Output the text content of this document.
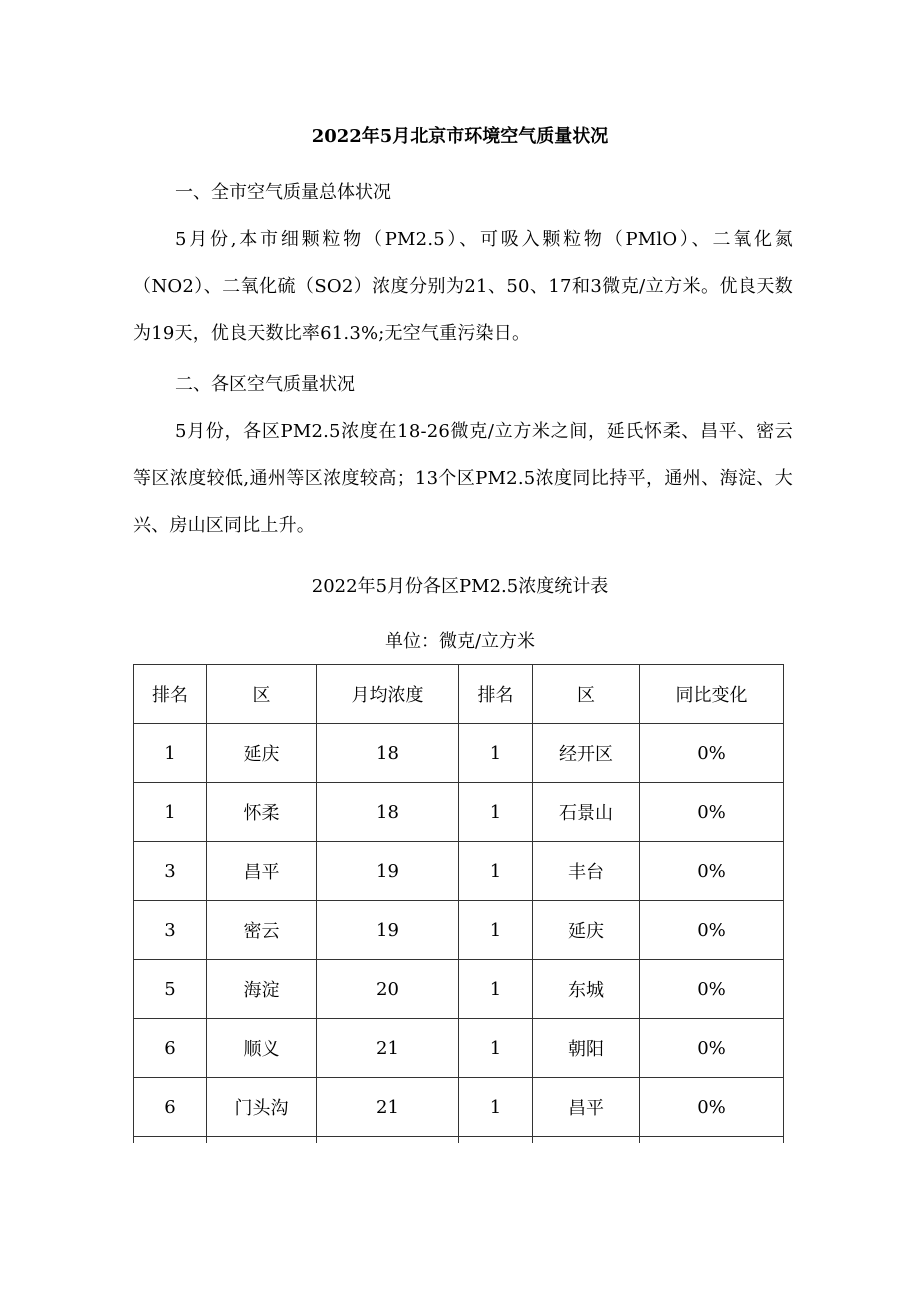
2022年5月北京市环境空气质量状况
一、全市空气质量总体状况

5月份,本市细颗粒物（PM2.5）、可吸入颗粒物（PMlO）、二氧化氮（NO2）、二氧化硫（SO2）浓度分别为21、50、17和3微克/立方米。优良天数为19天，优良天数比率61.3%;无空气重污染日。

二、各区空气质量状况

5月份，各区PM2.5浓度在18-26微克/立方米之间，延氏怀柔、昌平、密云等区浓度较低,通州等区浓度较高；13个区PM2.5浓度同比持平，通州、海淀、大兴、房山区同比上升。

2022年5月份各区PM2.5浓度统计表

单位：微克/立方米

排名	区	月均浓度	排名	区	同比变化
1	延庆	18	1	经开区	0%
1	怀柔	18	1	石景山	0%
3	昌平	19	1	丰台	0%
3	密云	19	1	延庆	0%
5	海淀	20	1	东城	0%
6	顺义	21	1	朝阳	0%
6	门头沟	21	1	昌平	0%
